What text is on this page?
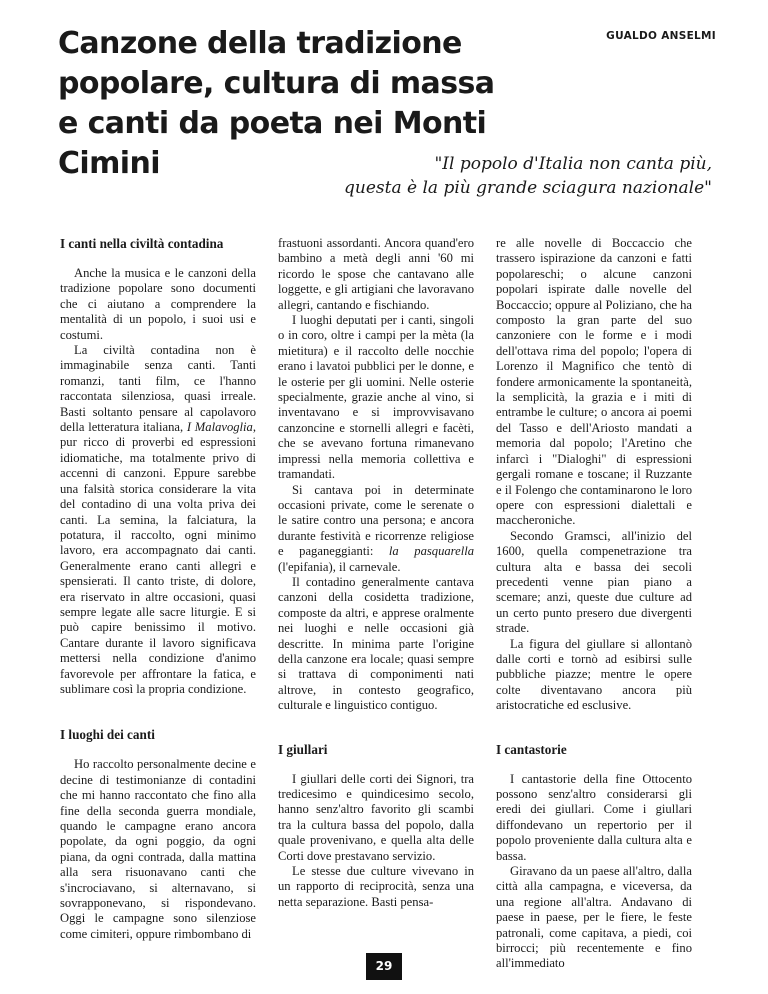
Canzone della tradizione popolare, cultura di massa e canti da poeta nei Monti Cimini
GUALDO ANSELMI
"Il popolo d'Italia non canta più,
questa è la più grande sciagura nazionale"
I canti nella civiltà contadina

Anche la musica e le canzoni della tradizione popolare sono documenti che ci aiutano a comprendere la mentalità di un popolo, i suoi usi e costumi.

La civiltà contadina non è immaginabile senza canti. Tanti romanzi, tanti film, ce l'hanno raccontata silenziosa, quasi irreale. Basti soltanto pensare al capolavoro della letteratura italiana, I Malavoglia, pur ricco di proverbi ed espressioni idiomatiche, ma totalmente privo di accenni di canzoni. Eppure sarebbe una falsità storica considerare la vita del contadino di una volta priva dei canti. La semina, la falciatura, la potatura, il raccolto, ogni minimo lavoro, era accompagnato dai canti. Generalmente erano canti allegri e spensierati. Il canto triste, di dolore, era riservato in altre occasioni, quasi sempre legate alle sacre liturgie. E si può capire benissimo il motivo. Cantare durante il lavoro significava mettersi nella condizione d'animo favorevole per affrontare la fatica, e sublimare così la propria condizione.

I luoghi dei canti

Ho raccolto personalmente decine e decine di testimonianze di contadini che mi hanno raccontato che fino alla fine della seconda guerra mondiale, quando le campagne erano ancora popolate, da ogni poggio, da ogni piana, da ogni contrada, dalla mattina alla sera risuonavano canti che s'incrociavano, si alternavano, si sovrapponevano, si rispondevano. Oggi le campagne sono silenziose come cimiteri, oppure rimbombano di

frastuoni assordanti. Ancora quand'ero bambino a metà degli anni '60 mi ricordo le spose che cantavano alle loggette, e gli artigiani che lavoravano allegri, cantando e fischiando.

I luoghi deputati per i canti, singoli o in coro, oltre i campi per la mèta (la mietitura) e il raccolto delle nocchie erano i lavatoi pubblici per le donne, e le osterie per gli uomini. Nelle osterie specialmente, grazie anche al vino, si inventavano e si improvvisavano canzoncine e stornelli allegri e facèti, che se avevano fortuna rimanevano impressi nella memoria collettiva e tramandati.

Si cantava poi in determinate occasioni private, come le serenate o le satire contro una persona; e ancora durante festività e ricorrenze religiose e paganeggianti: la pasquarella (l'epifania), il carnevale.

Il contadino generalmente cantava canzoni della cosidetta tradizione, composte da altri, e apprese oralmente nei luoghi e nelle occasioni già descritte. In minima parte l'origine della canzone era locale; quasi sempre si trattava di componimenti nati altrove, in contesto geografico, culturale e linguistico contiguo.

I giullari

I giullari delle corti dei Signori, tra tredicesimo e quindicesimo secolo, hanno senz'altro favorito gli scambi tra la cultura bassa del popolo, dalla quale provenivano, e quella alta delle Corti dove prestavano servizio.

Le stesse due culture vivevano in un rapporto di reciprocità, senza una netta separazione. Basti pensa-

re alle novelle di Boccaccio che trassero ispirazione da canzoni e fatti popolareschi; o alcune canzoni popolari ispirate dalle novelle del Boccaccio; oppure al Poliziano, che ha composto la gran parte del suo canzoniere con le forme e i modi dell'ottava rima del popolo; l'opera di Lorenzo il Magnifico che tentò di fondere armonicamente la spontaneità, la semplicità, la grazia e i miti di entrambe le culture; o ancora ai poemi del Tasso e dell'Ariosto mandati a memoria dal popolo; l'Aretino che infarcì i "Dialoghi" di espressioni gergali romane e toscane; il Ruzzante e il Folengo che contaminarono le loro opere con espressioni dialettali e maccheroniche.

Secondo Gramsci, all'inizio del 1600, quella compenetrazione tra cultura alta e bassa dei secoli precedenti venne pian piano a scemare; anzi, queste due culture ad un certo punto presero due divergenti strade.

La figura del giullare si allontanò dalle corti e tornò ad esibirsi sulle pubbliche piazze; mentre le opere colte diventavano ancora più aristocratiche ed esclusive.

I cantastorie

I cantastorie della fine Ottocento possono senz'altro considerarsi gli eredi dei giullari. Come i giullari diffondevano un repertorio per il popolo proveniente dalla cultura alta e bassa.

Giravano da un paese all'altro, dalla città alla campagna, e viceversa, da una regione all'altra. Andavano di paese in paese, per le fiere, le feste patronali, come capitava, a piedi, coi birrocci; più recentemente e fino all'immediato

29
